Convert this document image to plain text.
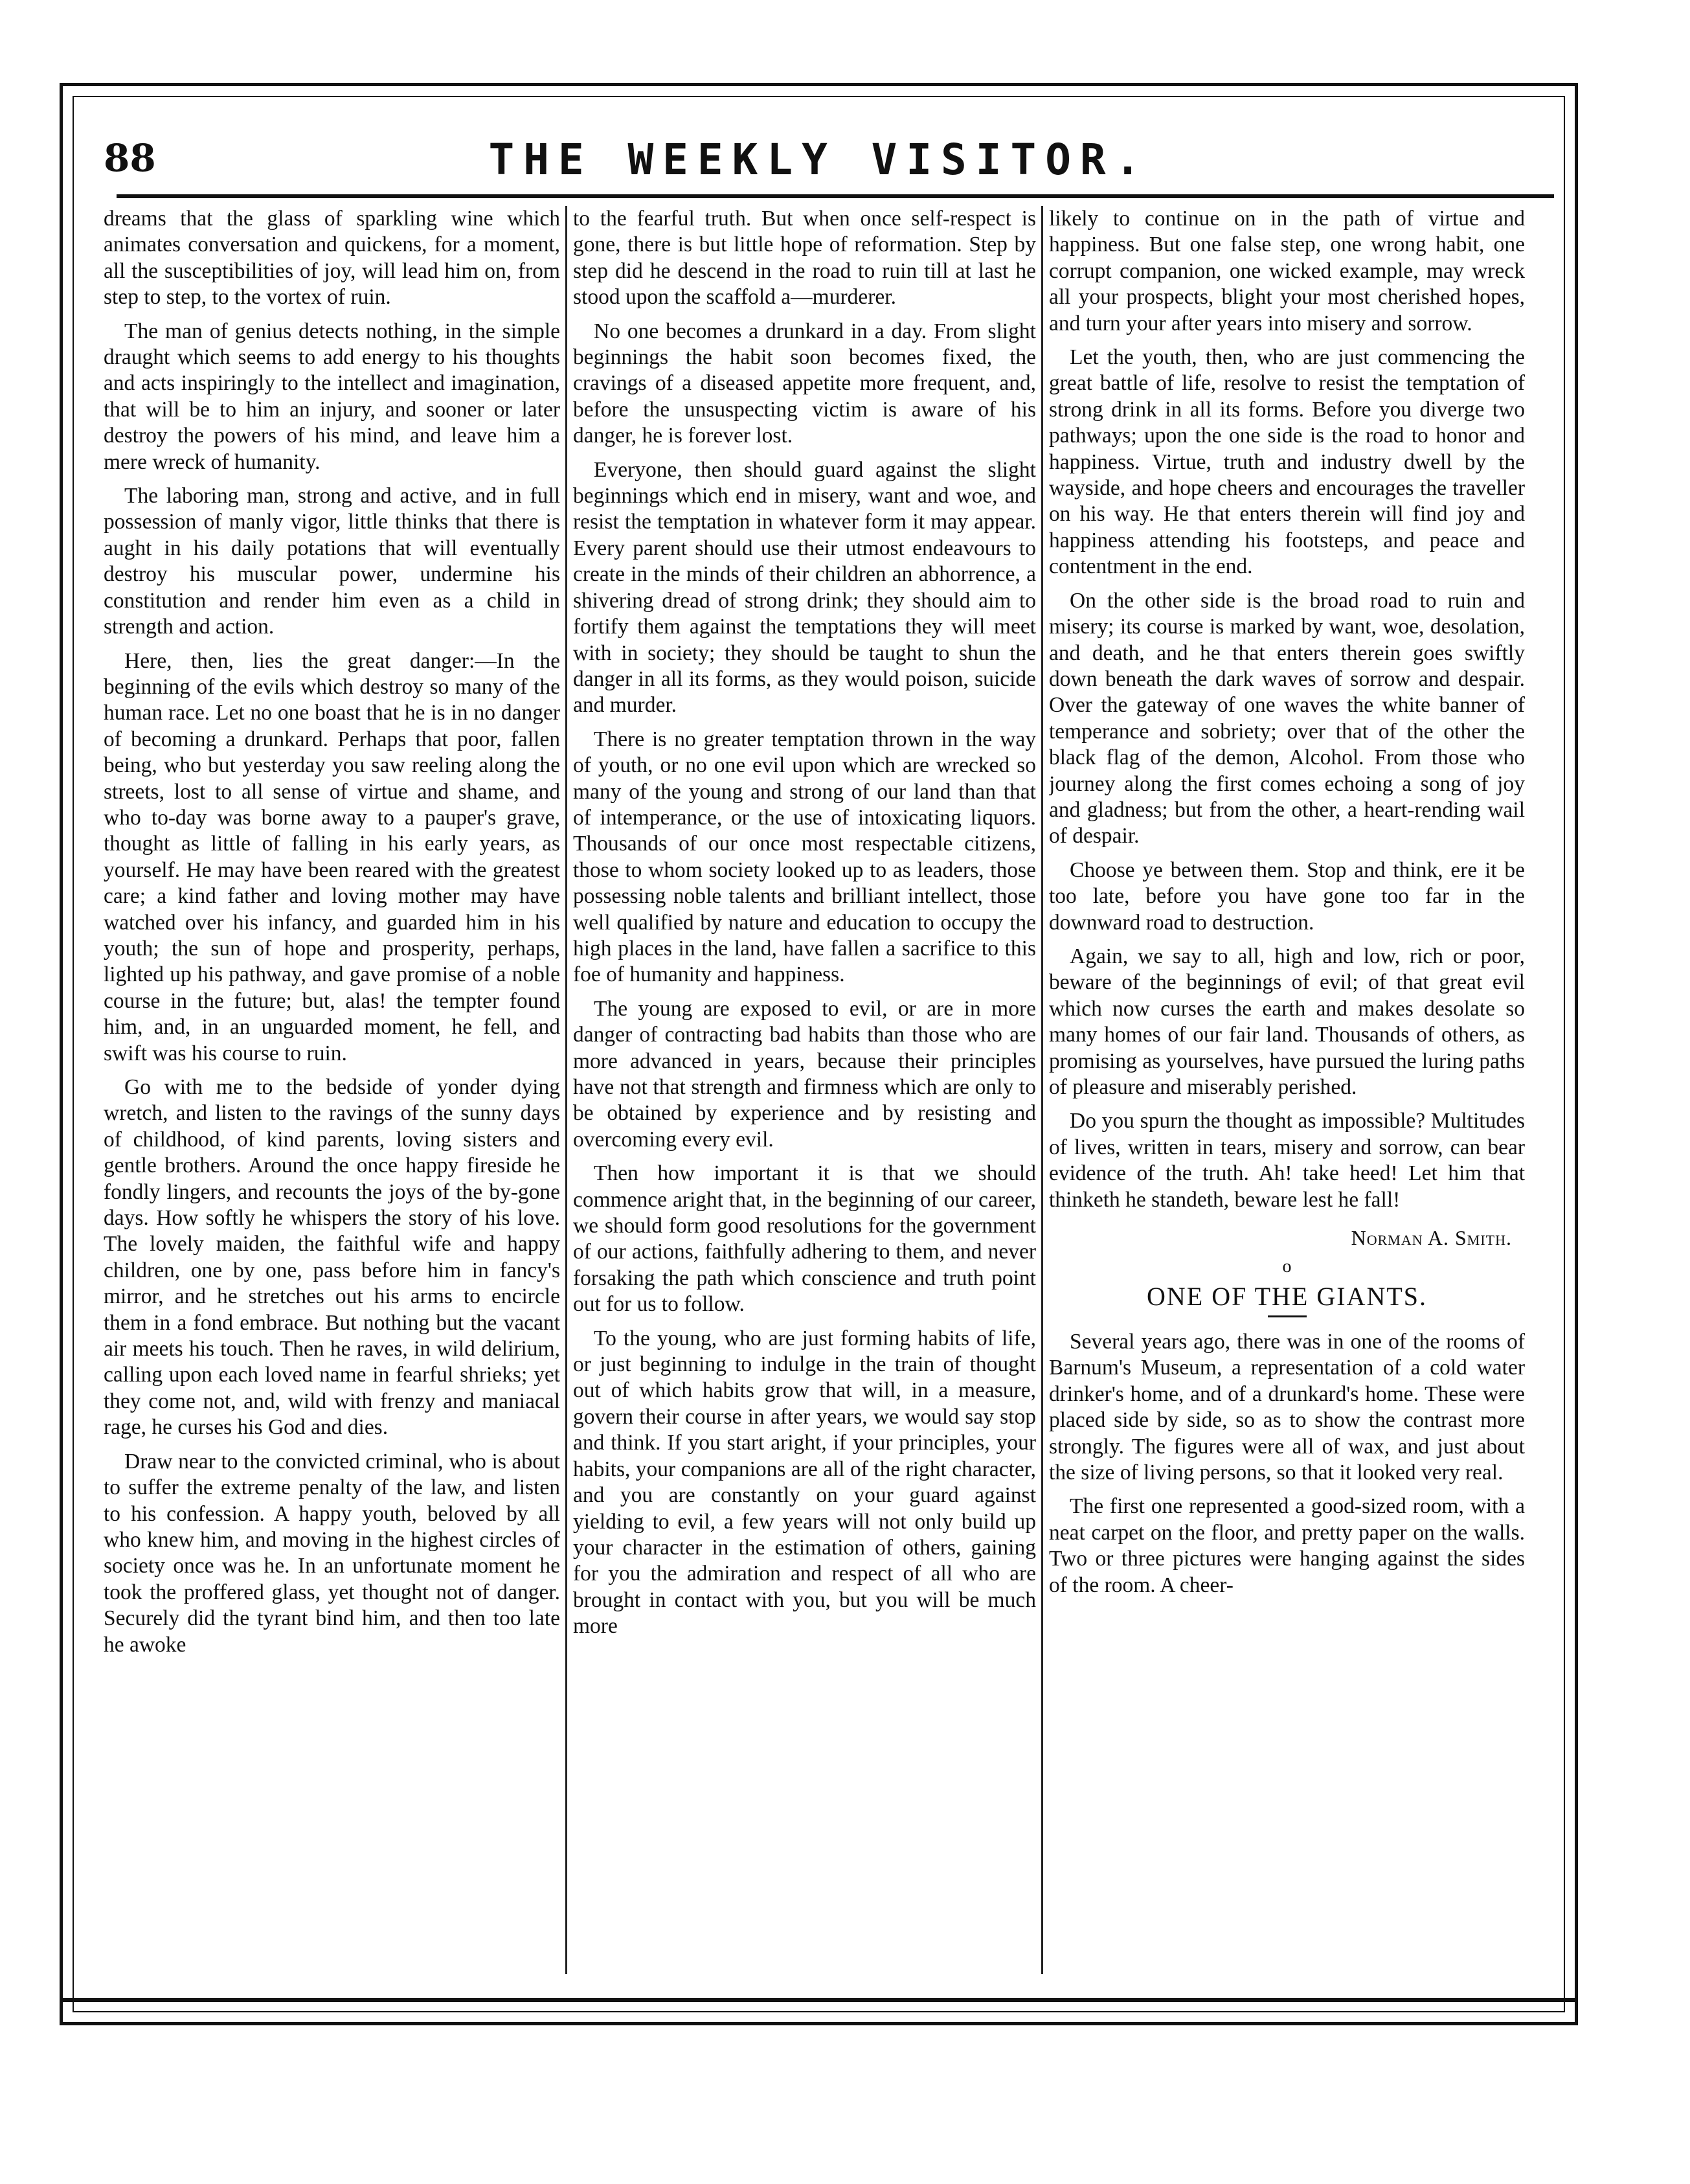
88	THE WEEKLY VISITOR.

dreams that the glass of sparkling wine which animates conversation and quickens, for a moment, all the susceptibilities of joy, will lead him on, from step to step, to the vortex of ruin.

The man of genius detects nothing, in the simple draught which seems to add energy to his thoughts and acts inspiringly to the intellect and imagination, that will be to him an injury, and sooner or later destroy the powers of his mind, and leave him a mere wreck of humanity.

The laboring man, strong and active, and in full possession of manly vigor, little thinks that there is aught in his daily potations that will eventually destroy his muscular power, undermine his constitution and render him even as a child in strength and action.

Here, then, lies the great danger:—In the beginning of the evils which destroy so many of the human race. Let no one boast that he is in no danger of becoming a drunkard. Perhaps that poor, fallen being, who but yesterday you saw reeling along the streets, lost to all sense of virtue and shame, and who to-day was borne away to a pauper's grave, thought as little of falling in his early years, as yourself. He may have been reared with the greatest care; a kind father and loving mother may have watched over his infancy, and guarded him in his youth; the sun of hope and prosperity, perhaps, lighted up his pathway, and gave promise of a noble course in the future; but, alas! the tempter found him, and, in an unguarded moment, he fell, and swift was his course to ruin.

Go with me to the bedside of yonder dying wretch, and listen to the ravings of the sunny days of childhood, of kind parents, loving sisters and gentle brothers. Around the once happy fireside he fondly lingers, and recounts the joys of the by-gone days. How softly he whispers the story of his love. The lovely maiden, the faithful wife and happy children, one by one, pass before him in fancy's mirror, and he stretches out his arms to encircle them in a fond embrace. But nothing but the vacant air meets his touch. Then he raves, in wild delirium, calling upon each loved name in fearful shrieks; yet they come not, and, wild with frenzy and maniacal rage, he curses his God and dies.

Draw near to the convicted criminal, who is about to suffer the extreme penalty of the law, and listen to his confession. A happy youth, beloved by all who knew him, and moving in the highest circles of society once was he. In an unfortunate moment he took the proffered glass, yet thought not of danger. Securely did the tyrant bind him, and then too late he awoke

to the fearful truth. But when once self-respect is gone, there is but little hope of reformation. Step by step did he descend in the road to ruin till at last he stood upon the scaffold a—murderer.

No one becomes a drunkard in a day. From slight beginnings the habit soon becomes fixed, the cravings of a diseased appetite more frequent, and, before the unsuspecting victim is aware of his danger, he is forever lost.

Everyone, then should guard against the slight beginnings which end in misery, want and woe, and resist the temptation in whatever form it may appear. Every parent should use their utmost endeavours to create in the minds of their children an abhorrence, a shivering dread of strong drink; they should aim to fortify them against the temptations they will meet with in society; they should be taught to shun the danger in all its forms, as they would poison, suicide and murder.

There is no greater temptation thrown in the way of youth, or no one evil upon which are wrecked so many of the young and strong of our land than that of intemperance, or the use of intoxicating liquors. Thousands of our once most respectable citizens, those to whom society looked up to as leaders, those possessing noble talents and brilliant intellect, those well qualified by nature and education to occupy the high places in the land, have fallen a sacrifice to this foe of humanity and happiness.

The young are exposed to evil, or are in more danger of contracting bad habits than those who are more advanced in years, because their principles have not that strength and firmness which are only to be obtained by experience and by resisting and overcoming every evil.

Then how important it is that we should commence aright that, in the beginning of our career, we should form good resolutions for the government of our actions, faithfully adhering to them, and never forsaking the path which conscience and truth point out for us to follow.

To the young, who are just forming habits of life, or just beginning to indulge in the train of thought out of which habits grow that will, in a measure, govern their course in after years, we would say stop and think. If you start aright, if your principles, your habits, your companions are all of the right character, and you are constantly on your guard against yielding to evil, a few years will not only build up your character in the estimation of others, gaining for you the admiration and respect of all who are brought in contact with you, but you will be much more

likely to continue on in the path of virtue and happiness. But one false step, one wrong habit, one corrupt companion, one wicked example, may wreck all your prospects, blight your most cherished hopes, and turn your after years into misery and sorrow.

Let the youth, then, who are just commencing the great battle of life, resolve to resist the temptation of strong drink in all its forms. Before you diverge two pathways; upon the one side is the road to honor and happiness. Virtue, truth and industry dwell by the wayside, and hope cheers and encourages the traveller on his way. He that enters therein will find joy and happiness attending his footsteps, and peace and contentment in the end.

On the other side is the broad road to ruin and misery; its course is marked by want, woe, desolation, and death, and he that enters therein goes swiftly down beneath the dark waves of sorrow and despair. Over the gateway of one waves the white banner of temperance and sobriety; over that of the other the black flag of the demon, Alcohol. From those who journey along the first comes echoing a song of joy and gladness; but from the other, a heart-rending wail of despair.

Choose ye between them. Stop and think, ere it be too late, before you have gone too far in the downward road to destruction.

Again, we say to all, high and low, rich or poor, beware of the beginnings of evil; of that great evil which now curses the earth and makes desolate so many homes of our fair land. Thousands of others, as promising as yourselves, have pursued the luring paths of pleasure and miserably perished.

Do you spurn the thought as impossible? Multitudes of lives, written in tears, misery and sorrow, can bear evidence of the truth. Ah! take heed! Let him that thinketh he standeth, beware lest he fall!

Norman A. Smith.
o
ONE OF THE GIANTS.

Several years ago, there was in one of the rooms of Barnum's Museum, a representation of a cold water drinker's home, and of a drunkard's home. These were placed side by side, so as to show the contrast more strongly. The figures were all of wax, and just about the size of living persons, so that it looked very real.

The first one represented a good-sized room, with a neat carpet on the floor, and pretty paper on the walls. Two or three pictures were hanging against the sides of the room. A cheer-
